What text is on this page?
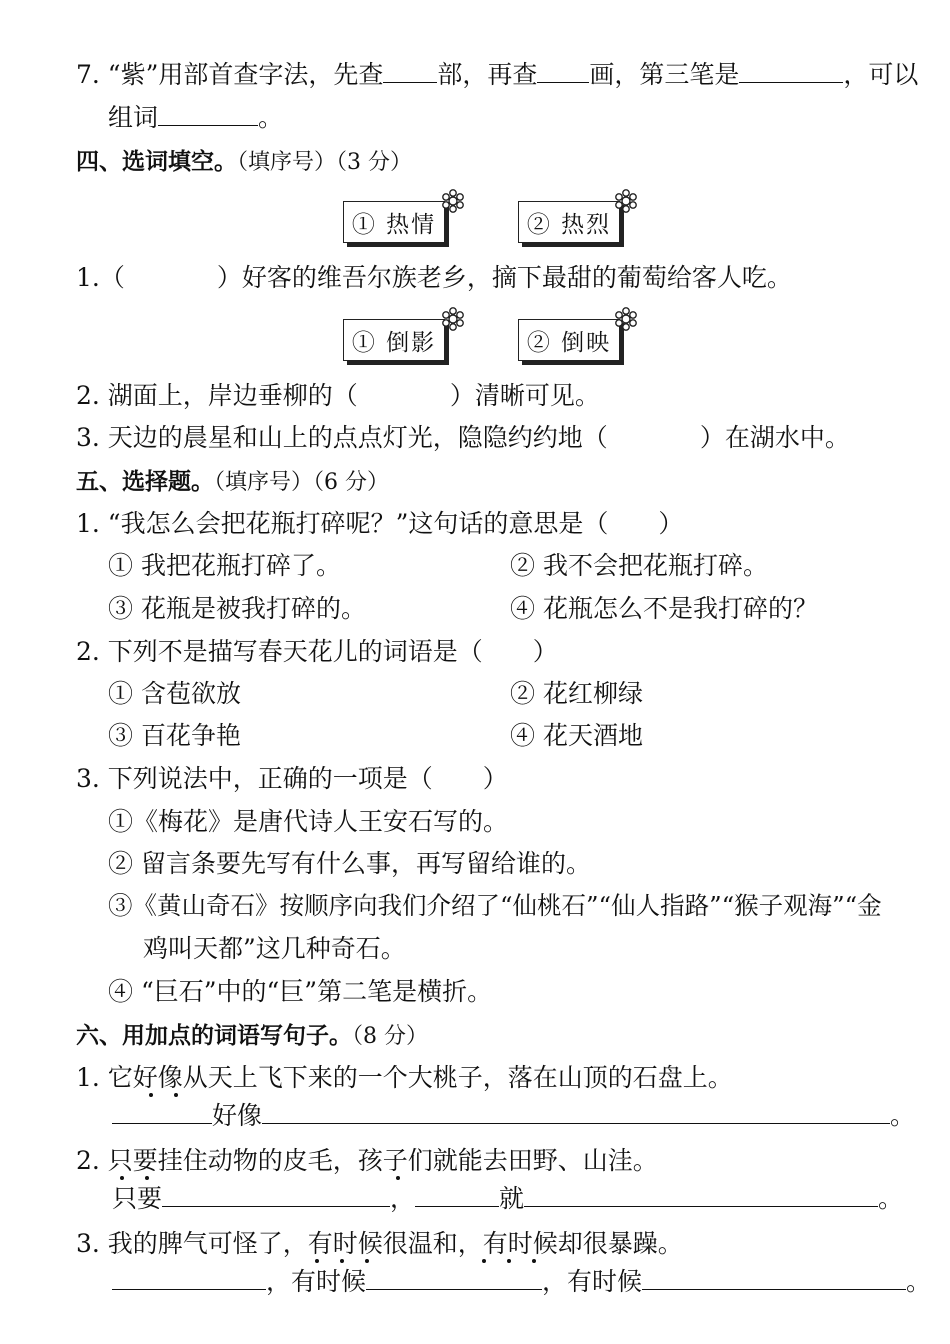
7. “紫”用部首查字法，先查 部，再查 画，第三笔是	，可以
组词	。
四、选词填空。（填序号）（3 分）
① 热情	② 热烈
1.（	）好客的维吾尔族老乡，摘下最甜的葡萄给客人吃。
① 倒影	② 倒映
2. 湖面上，岸边垂柳的（	）清晰可见。
3. 天边的晨星和山上的点点灯光，隐隐约约地（	）在湖水中。
五、选择题。（填序号）（6 分）
1. “我怎么会把花瓶打碎呢？”这句话的意思是（　　）
① 我把花瓶打碎了。	② 我不会把花瓶打碎。
③ 花瓶是被我打碎的。	④ 花瓶怎么不是我打碎的？
2. 下列不是描写春天花儿的词语是（　　）
① 含苞欲放	② 花红柳绿
③ 百花争艳	④ 花天酒地
3. 下列说法中，正确的一项是（　　）
①《梅花》是唐代诗人王安石写的。
② 留言条要先写有什么事，再写留给谁的。
③《黄山奇石》按顺序向我们介绍了“仙桃石”“仙人指路”“猴子观海”“金
鸡叫天都”这几种奇石。
④ “巨石”中的“巨”第二笔是横折。
六、用加点的词语写句子。（8 分）
1. 它好像从天上飞下来的一个大桃子，落在山顶的石盘上。
好像	。
2. 只要挂住动物的皮毛，孩子们就能去田野、山洼。
只要	，	就	。
3. 我的脾气可怪了，有时候很温和，有时候却很暴躁。
，有时候	，有时候	。
